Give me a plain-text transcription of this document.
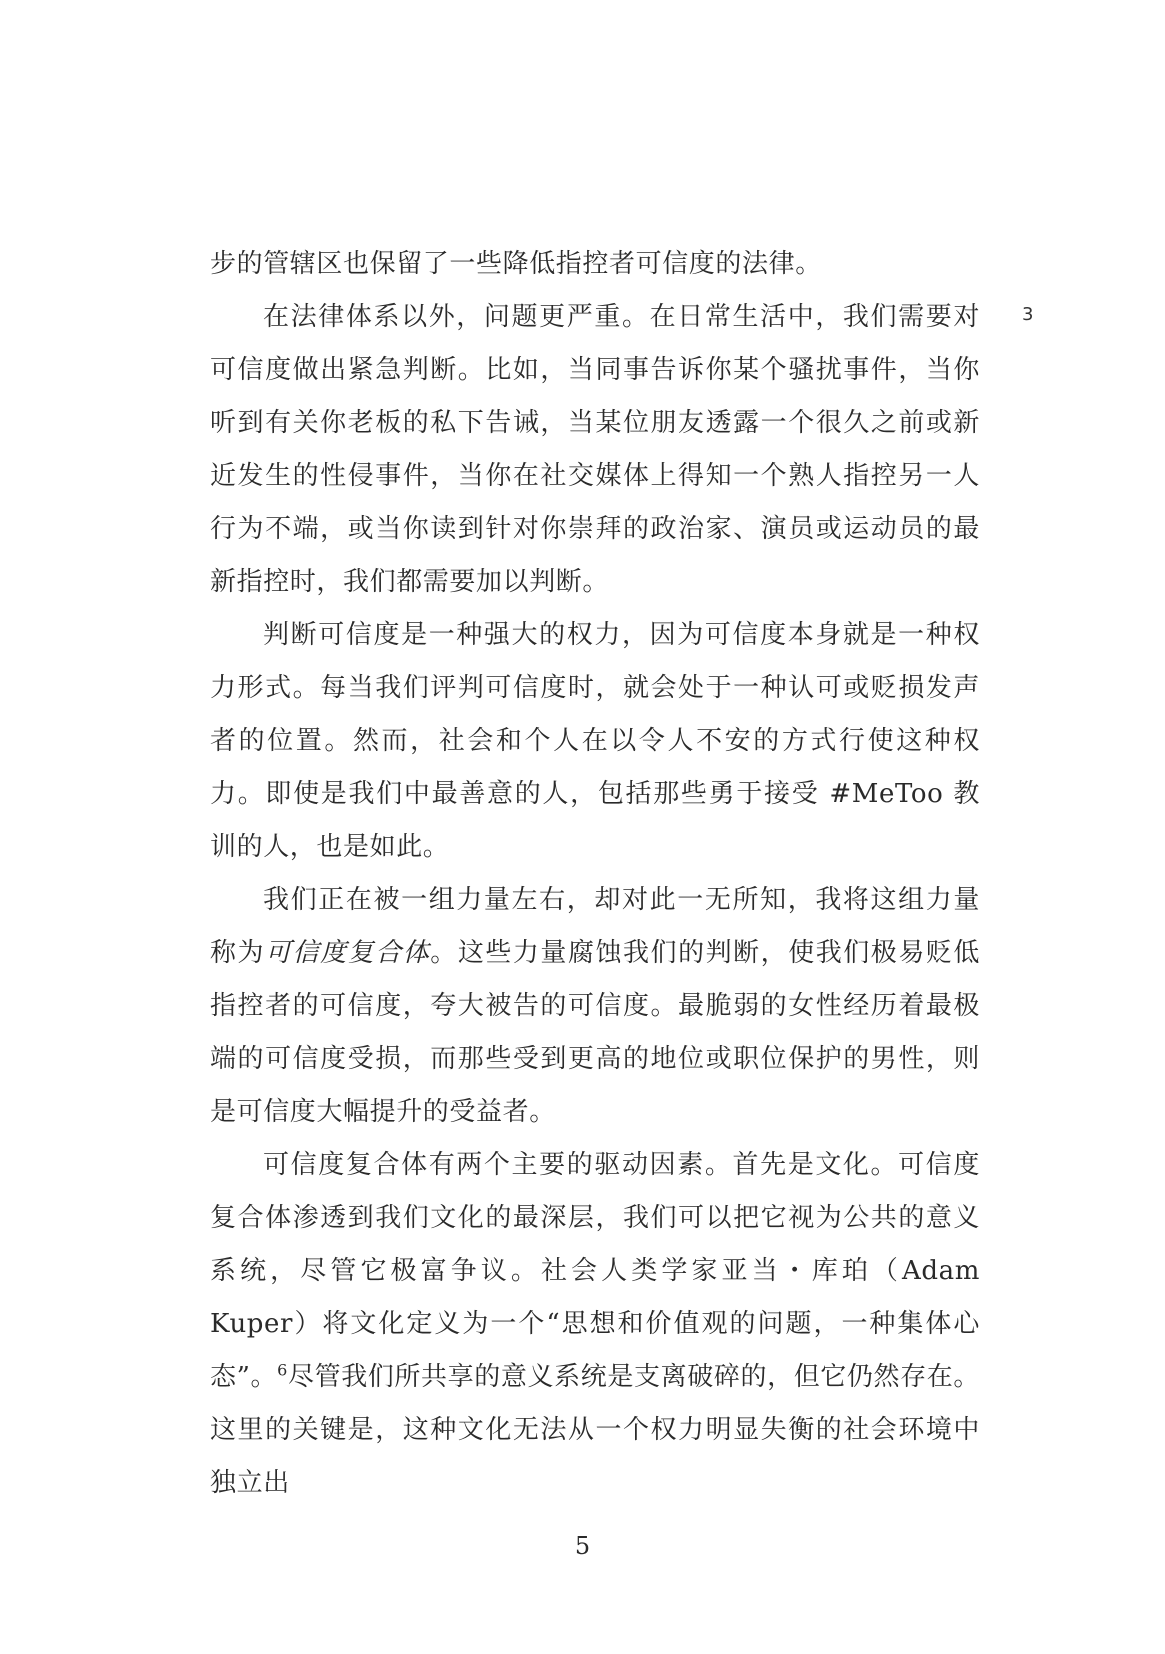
步的管辖区也保留了一些降低指控者可信度的法律。

在法律体系以外，问题更严重。在日常生活中，我们需要对可信度做出紧急判断。比如，当同事告诉你某个骚扰事件，当你听到有关你老板的私下告诫，当某位朋友透露一个很久之前或新近发生的性侵事件，当你在社交媒体上得知一个熟人指控另一人行为不端，或当你读到针对你崇拜的政治家、演员或运动员的最新指控时，我们都需要加以判断。

判断可信度是一种强大的权力，因为可信度本身就是一种权力形式。每当我们评判可信度时，就会处于一种认可或贬损发声者的位置。然而，社会和个人在以令人不安的方式行使这种权力。即使是我们中最善意的人，包括那些勇于接受 #MeToo 教训的人，也是如此。

我们正在被一组力量左右，却对此一无所知，我将这组力量称为可信度复合体。这些力量腐蚀我们的判断，使我们极易贬低指控者的可信度，夸大被告的可信度。最脆弱的女性经历着最极端的可信度受损，而那些受到更高的地位或职位保护的男性，则是可信度大幅提升的受益者。

可信度复合体有两个主要的驱动因素。首先是文化。可信度复合体渗透到我们文化的最深层，我们可以把它视为公共的意义系统，尽管它极富争议。社会人类学家亚当・库珀（Adam Kuper）将文化定义为一个“思想和价值观的问题，一种集体心态”。$^6$尽管我们所共享的意义系统是支离破碎的，但它仍然存在。这里的关键是，这种文化无法从一个权力明显失衡的社会环境中独立出

3
5
